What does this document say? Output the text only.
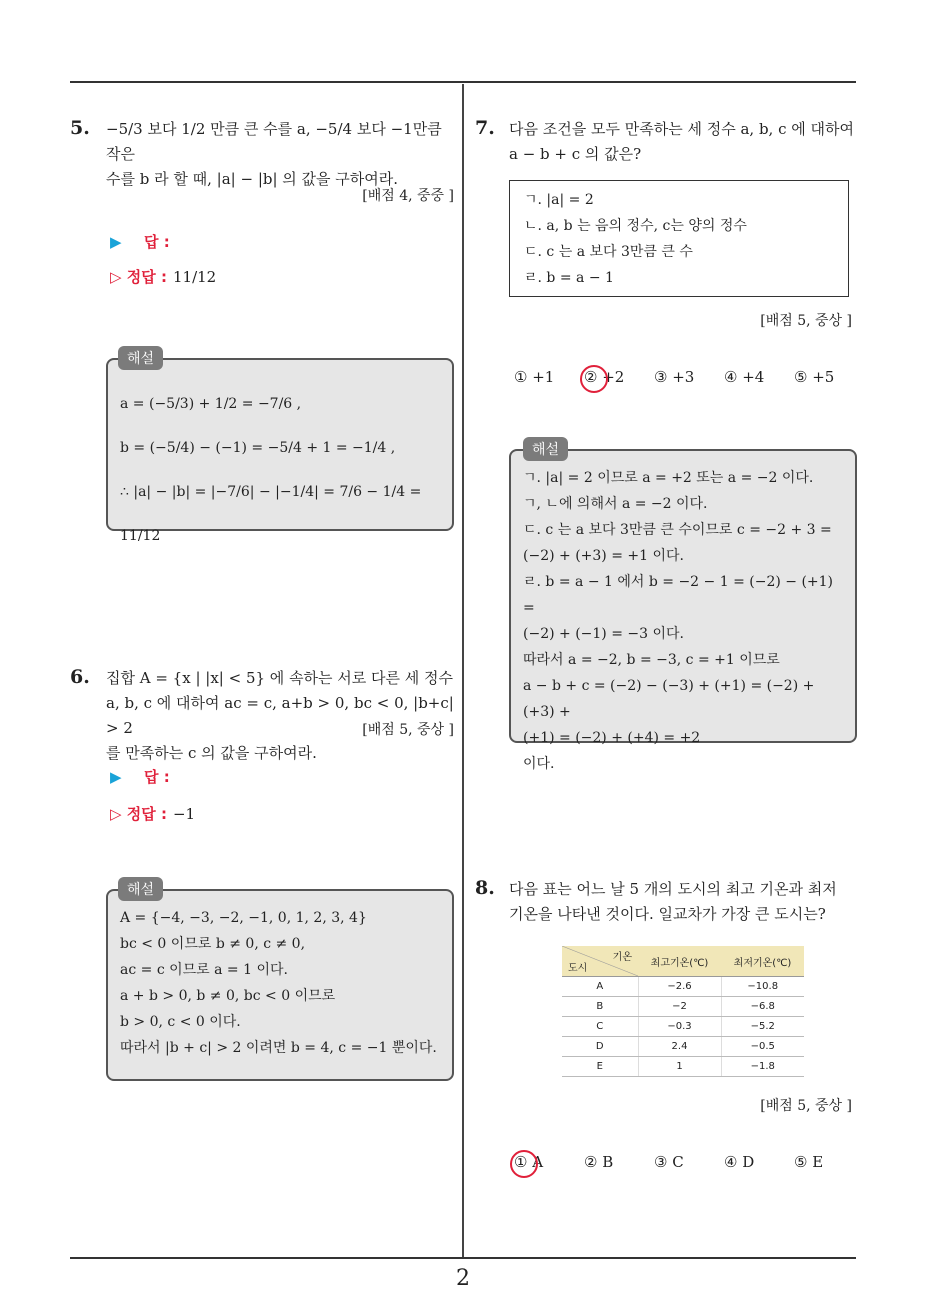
2
5. −5/3 보다 1/2 만큼 큰 수를 a, −5/4 보다 −1만큼 작은
수를 b 라 할 때, |a| − |b| 의 값을 구하여라.
[배점 4, 중중 ]
▶ 답 :
▷ 정답 : 11/12
a = (−5/3) + 1/2 = −7/6 ,
b = (−5/4) − (−1) = −5/4 + 1 = −1/4 ,
∴ |a| − |b| = |−7/6| − |−1/4| = 7/6 − 1/4 = 11/12
해설
6. 집합 A = {x | |x| < 5} 에 속하는 서로 다른 세 정수
a, b, c 에 대하여 ac = c, a+b > 0, bc < 0, |b+c| > 2
를 만족하는 c 의 값을 구하여라.
[배점 5, 중상 ]
▶ 답 :
▷ 정답 : −1
A = {−4, −3, −2, −1, 0, 1, 2, 3, 4}
bc < 0 이므로 b ≠ 0, c ≠ 0,
ac = c 이므로 a = 1 이다.
a + b > 0, b ≠ 0, bc < 0 이므로
b > 0, c < 0 이다.
따라서 |b + c| > 2 이려면 b = 4, c = −1 뿐이다.
해설
7. 다음 조건을 모두 만족하는 세 정수 a, b, c 에 대하여
a − b + c 의 값은?
ㄱ. |a| = 2
ㄴ. a, b 는 음의 정수, c는 양의 정수
ㄷ. c 는 a 보다 3만큼 큰 수
ㄹ. b = a − 1
[배점 5, 중상 ]
① +1	② +2	③ +3	④ +4	⑤ +5
ㄱ. |a| = 2 이므로 a = +2 또는 a = −2 이다.
ㄱ, ㄴ에 의해서 a = −2 이다.
ㄷ. c 는 a 보다 3만큼 큰 수이므로 c = −2 + 3 =
(−2) + (+3) = +1 이다.
ㄹ. b = a − 1 에서 b = −2 − 1 = (−2) − (+1) =
(−2) + (−1) = −3 이다.
따라서 a = −2, b = −3, c = +1 이므로
a − b + c = (−2) − (−3) + (+1) = (−2) + (+3) +
(+1) = (−2) + (+4) = +2
이다.
해설
8. 다음 표는 어느 날 5 개의 도시의 최고 기온과 최저
기온을 나타낸 것이다. 일교차가 가장 큰 도시는?
기온
도시	최고기온(℃)	최저기온(℃)
A	−2.6	−10.8
B	−2	−6.8
C	−0.3	−5.2
D	2.4	−0.5
E	1	−1.8
[배점 5, 중상 ]
① A	② B	③ C	④ D	⑤ E
